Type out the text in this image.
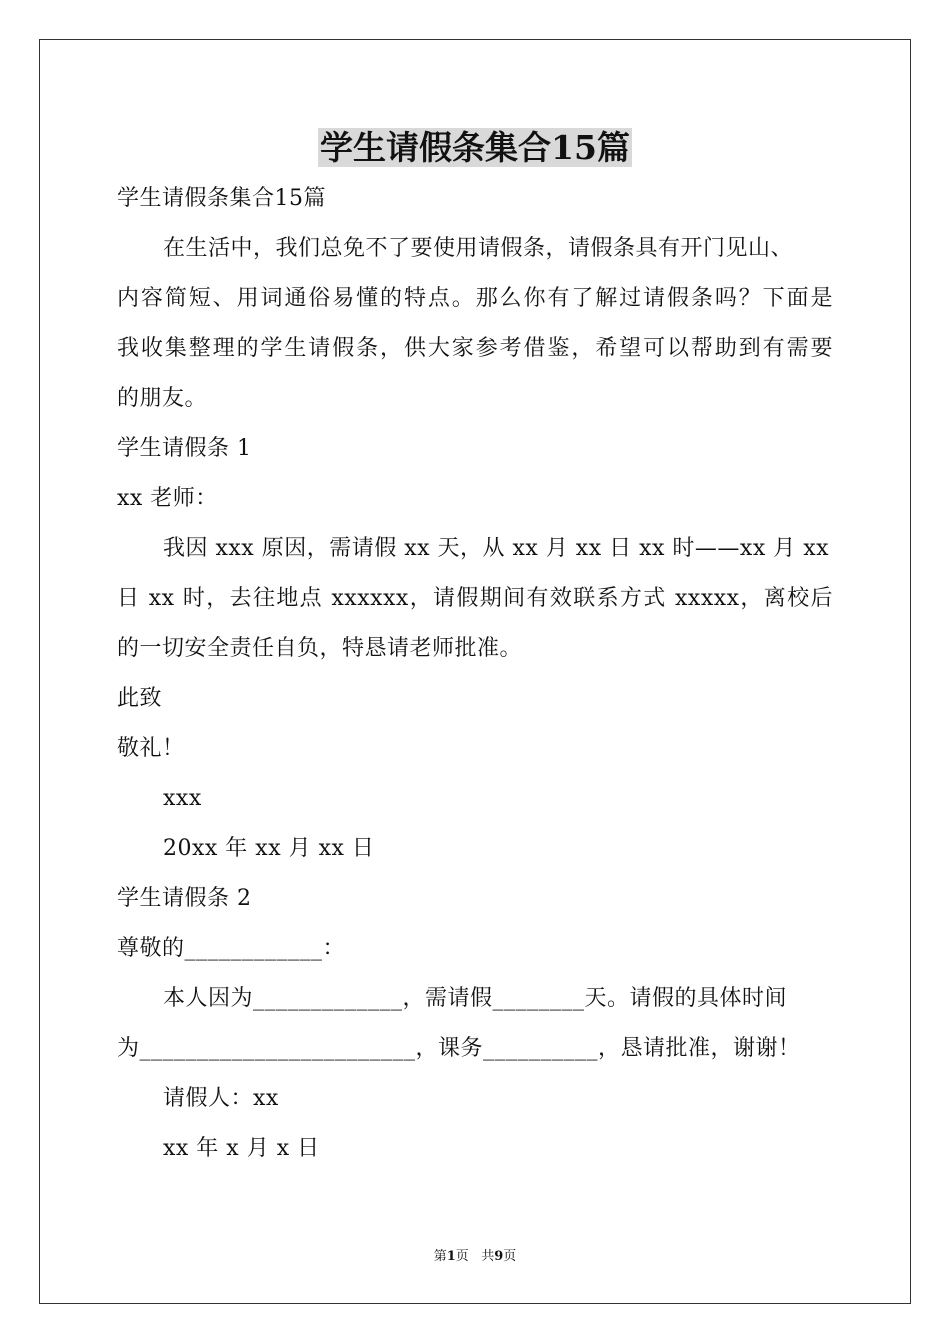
学生请假条集合15篇
学生请假条集合15篇
在生活中，我们总免不了要使用请假条，请假条具有开门见山、
内容简短、用词通俗易懂的特点。那么你有了解过请假条吗？下面是
我收集整理的学生请假条，供大家参考借鉴，希望可以帮助到有需要
的朋友。
学生请假条 1
xx 老师：
我因 xxx 原因，需请假 xx 天，从 xx 月 xx 日 xx 时——xx 月 xx
日 xx 时，去往地点 xxxxxx，请假期间有效联系方式 xxxxx，离校后
的一切安全责任自负，特恳请老师批准。
此致
敬礼！
xxx
20xx 年 xx 月 xx 日
学生请假条 2
尊敬的____________：
本人因为_____________，需请假________天。请假的具体时间
为________________________，课务__________，恳请批准，谢谢！
请假人：xx
xx 年 x 月 x 日
第1页 共9页
